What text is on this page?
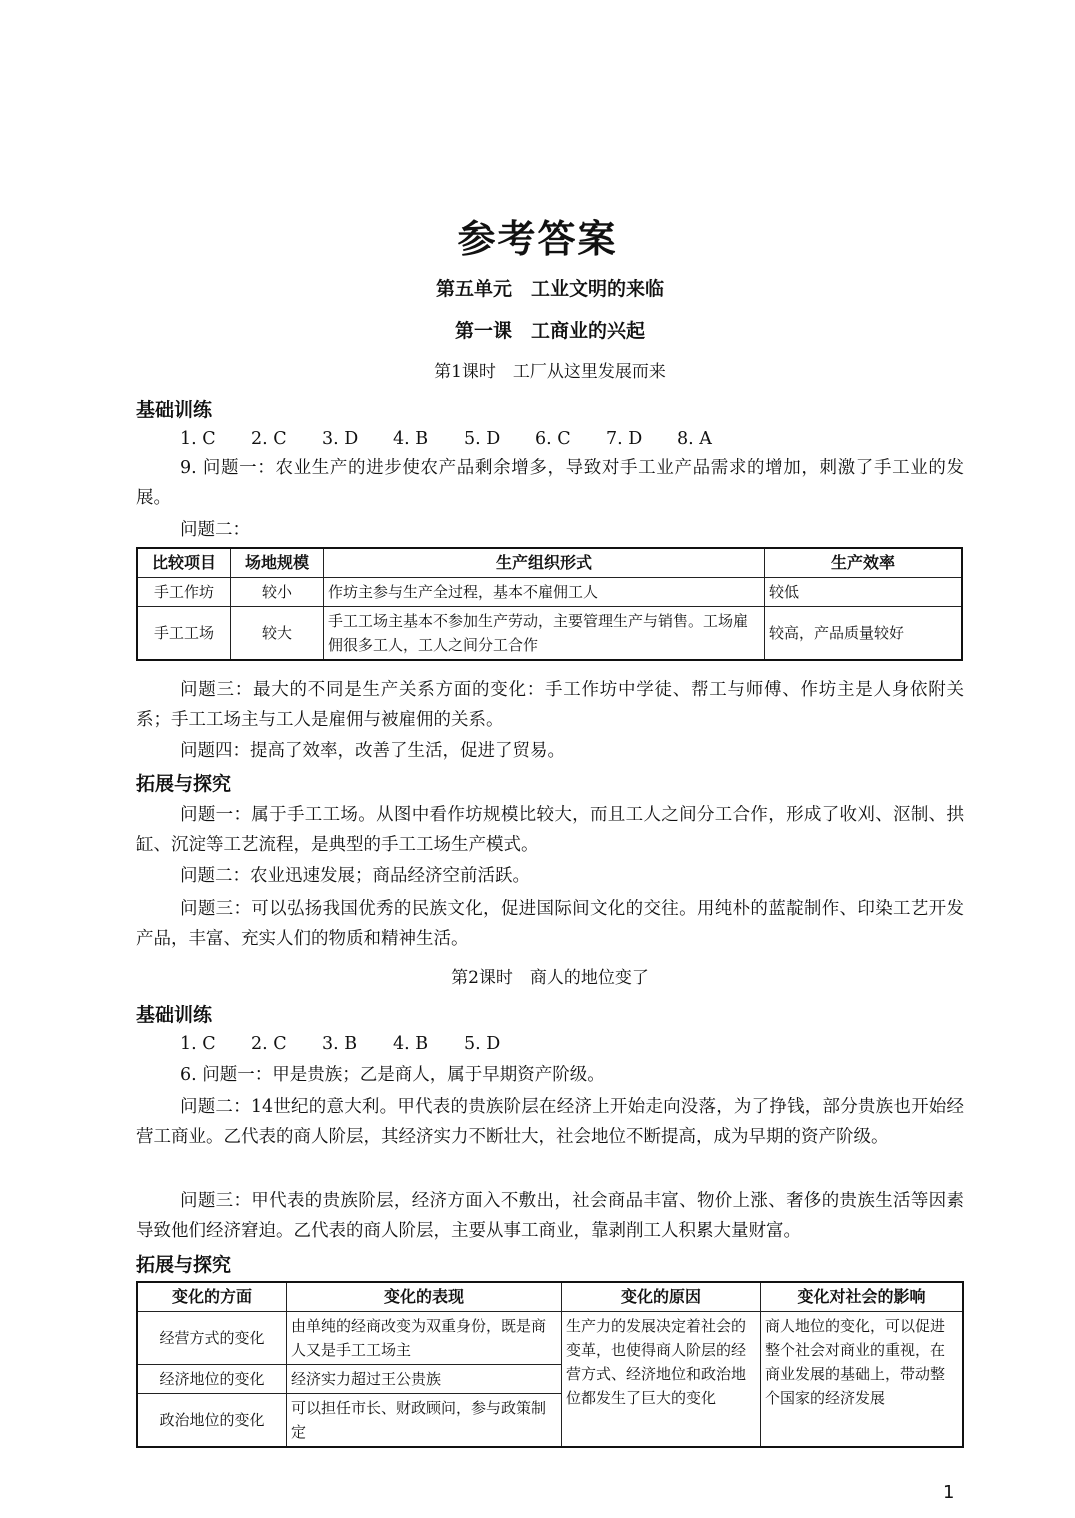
参考答案
第五单元　工业文明的来临
第一课　工商业的兴起
第1课时　工厂从这里发展而来
基础训练
1. C	2. C	3. D	4. B	5. D	6. C	7. D	8. A
9. 问题一：农业生产的进步使农产品剩余增多，导致对手工业产品需求的增加，刺激了手工业的发展。
问题二：
比较项目	场地规模	生产组织形式	生产效率
手工作坊	较小	作坊主参与生产全过程，基本不雇佣工人	较低
手工工场	较大	手工工场主基本不参加生产劳动，主要管理生产与销售。工场雇佣很多工人，工人之间分工合作	较高，产品质量较好
问题三：最大的不同是生产关系方面的变化：手工作坊中学徒、帮工与师傅、作坊主是人身依附关系；手工工场主与工人是雇佣与被雇佣的关系。
问题四：提高了效率，改善了生活，促进了贸易。
拓展与探究
问题一：属于手工工场。从图中看作坊规模比较大，而且工人之间分工合作，形成了收刈、沤制、拱缸、沉淀等工艺流程，是典型的手工工场生产模式。
问题二：农业迅速发展；商品经济空前活跃。
问题三：可以弘扬我国优秀的民族文化，促进国际间文化的交往。用纯朴的蓝靛制作、印染工艺开发产品，丰富、充实人们的物质和精神生活。
第2课时　商人的地位变了
基础训练
1. C	2. C	3. B	4. B	5. D
6. 问题一：甲是贵族；乙是商人，属于早期资产阶级。
问题二：14世纪的意大利。甲代表的贵族阶层在经济上开始走向没落，为了挣钱，部分贵族也开始经营工商业。乙代表的商人阶层，其经济实力不断壮大，社会地位不断提高，成为早期的资产阶级。
问题三：甲代表的贵族阶层，经济方面入不敷出，社会商品丰富、物价上涨、奢侈的贵族生活等因素导致他们经济窘迫。乙代表的商人阶层，主要从事工商业，靠剥削工人积累大量财富。
拓展与探究
变化的方面	变化的表现	变化的原因	变化对社会的影响
经营方式的变化	由单纯的经商改变为双重身份，既是商人又是手工工场主	生产力的发展决定着社会的变革，也使得商人阶层的经营方式、经济地位和政治地位都发生了巨大的变化	商人地位的变化，可以促进整个社会对商业的重视，在商业发展的基础上，带动整个国家的经济发展
经济地位的变化	经济实力超过王公贵族		
政治地位的变化	可以担任市长、财政顾问，参与政策制定		
1
